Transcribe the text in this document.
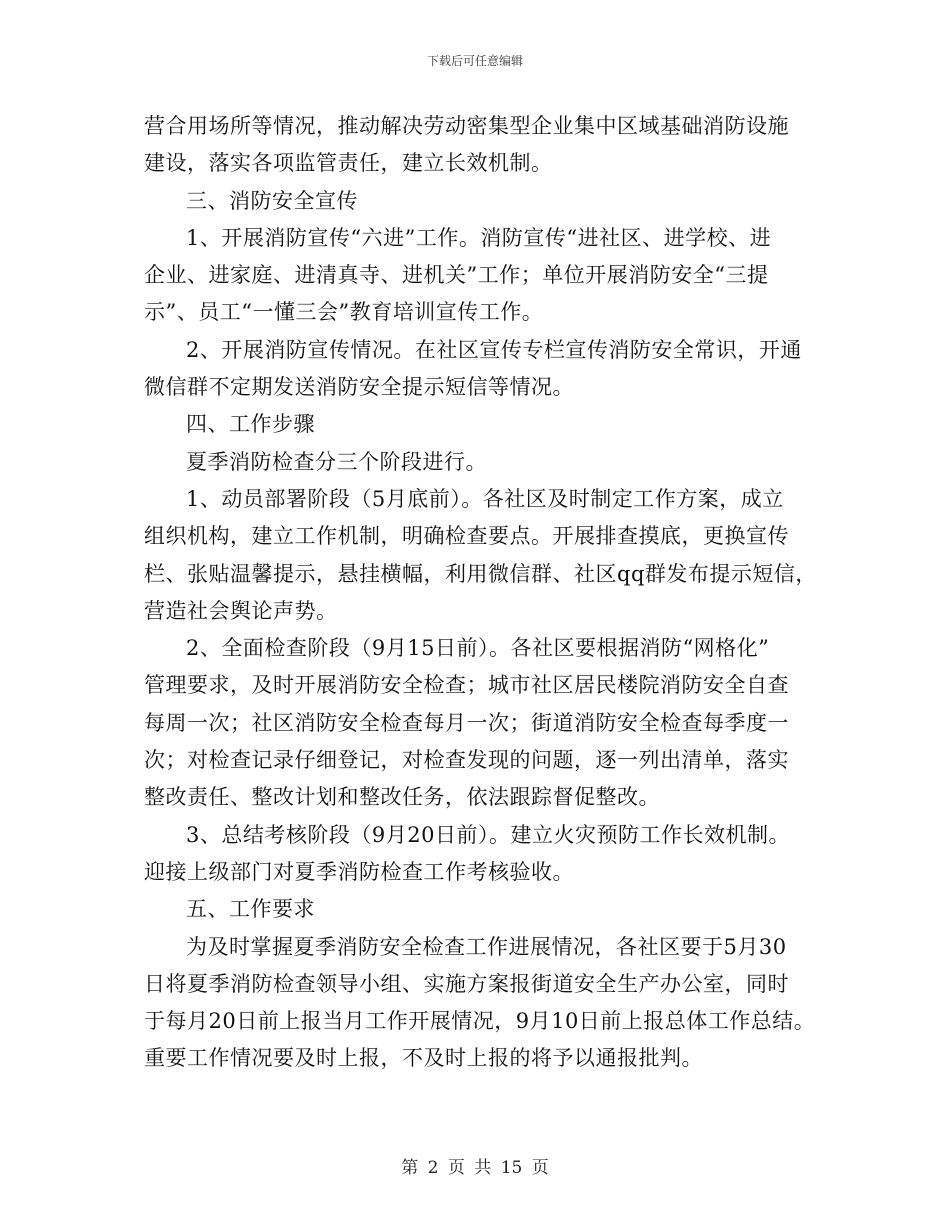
下载后可任意编辑
营合用场所等情况，推动解决劳动密集型企业集中区域基础消防设施
建设，落实各项监管责任，建立长效机制。
三、消防安全宣传
1、开展消防宣传“六进”工作。消防宣传“进社区、进学校、进
企业、进家庭、进清真寺、进机关”工作；单位开展消防安全“三提
示”、员工“一懂三会”教育培训宣传工作。
2、开展消防宣传情况。在社区宣传专栏宣传消防安全常识，开通
微信群不定期发送消防安全提示短信等情况。
四、工作步骤
夏季消防检查分三个阶段进行。
1、动员部署阶段（5月底前）。各社区及时制定工作方案，成立
组织机构，建立工作机制，明确检查要点。开展排查摸底，更换宣传
栏、张贴温馨提示，悬挂横幅，利用微信群、社区qq群发布提示短信，
营造社会舆论声势。
2、全面检查阶段（9月15日前）。各社区要根据消防“网格化”
管理要求，及时开展消防安全检查；城市社区居民楼院消防安全自查
每周一次；社区消防安全检查每月一次；街道消防安全检查每季度一
次；对检查记录仔细登记，对检查发现的问题，逐一列出清单，落实
整改责任、整改计划和整改任务，依法跟踪督促整改。
3、总结考核阶段（9月20日前）。建立火灾预防工作长效机制。
迎接上级部门对夏季消防检查工作考核验收。
五、工作要求
为及时掌握夏季消防安全检查工作进展情况，各社区要于5月30
日将夏季消防检查领导小组、实施方案报街道安全生产办公室，同时
于每月20日前上报当月工作开展情况，9月10日前上报总体工作总结。
重要工作情况要及时上报，不及时上报的将予以通报批判。
第 2 页 共 15 页
